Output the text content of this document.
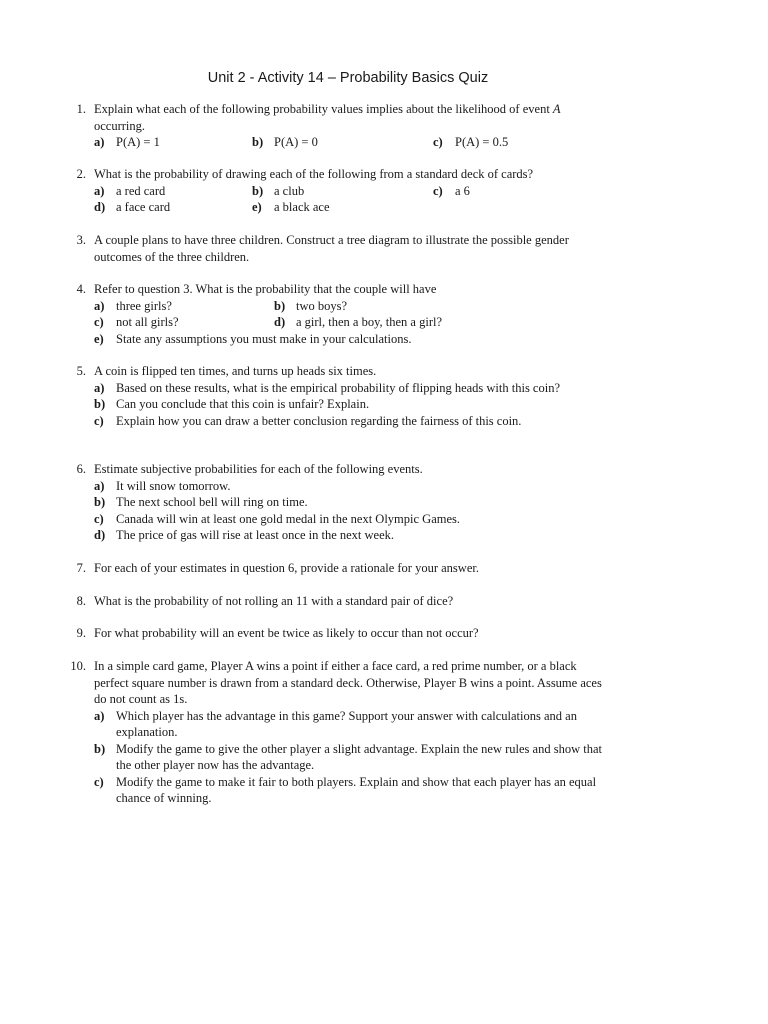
Unit 2 - Activity 14 – Probability Basics Quiz
1. Explain what each of the following probability values implies about the likelihood of event A occurring.
a) P(A) = 1	b) P(A) = 0	c) P(A) = 0.5
2. What is the probability of drawing each of the following from a standard deck of cards?
a) a red card	b) a club	c) a 6
d) a face card	e) a black ace
3. A couple plans to have three children. Construct a tree diagram to illustrate the possible gender outcomes of the three children.
4. Refer to question 3. What is the probability that the couple will have
a) three girls?	b) two boys?
c) not all girls?	d) a girl, then a boy, then a girl?
e) State any assumptions you must make in your calculations.
5. A coin is flipped ten times, and turns up heads six times.
a) Based on these results, what is the empirical probability of flipping heads with this coin?
b) Can you conclude that this coin is unfair? Explain.
c) Explain how you can draw a better conclusion regarding the fairness of this coin.
6. Estimate subjective probabilities for each of the following events.
a) It will snow tomorrow.
b) The next school bell will ring on time.
c) Canada will win at least one gold medal in the next Olympic Games.
d) The price of gas will rise at least once in the next week.
7. For each of your estimates in question 6, provide a rationale for your answer.
8. What is the probability of not rolling an 11 with a standard pair of dice?
9. For what probability will an event be twice as likely to occur than not occur?
10. In a simple card game, Player A wins a point if either a face card, a red prime number, or a black perfect square number is drawn from a standard deck. Otherwise, Player B wins a point. Assume aces do not count as 1s.
a) Which player has the advantage in this game? Support your answer with calculations and an explanation.
b) Modify the game to give the other player a slight advantage. Explain the new rules and show that the other player now has the advantage.
c) Modify the game to make it fair to both players. Explain and show that each player has an equal chance of winning.
